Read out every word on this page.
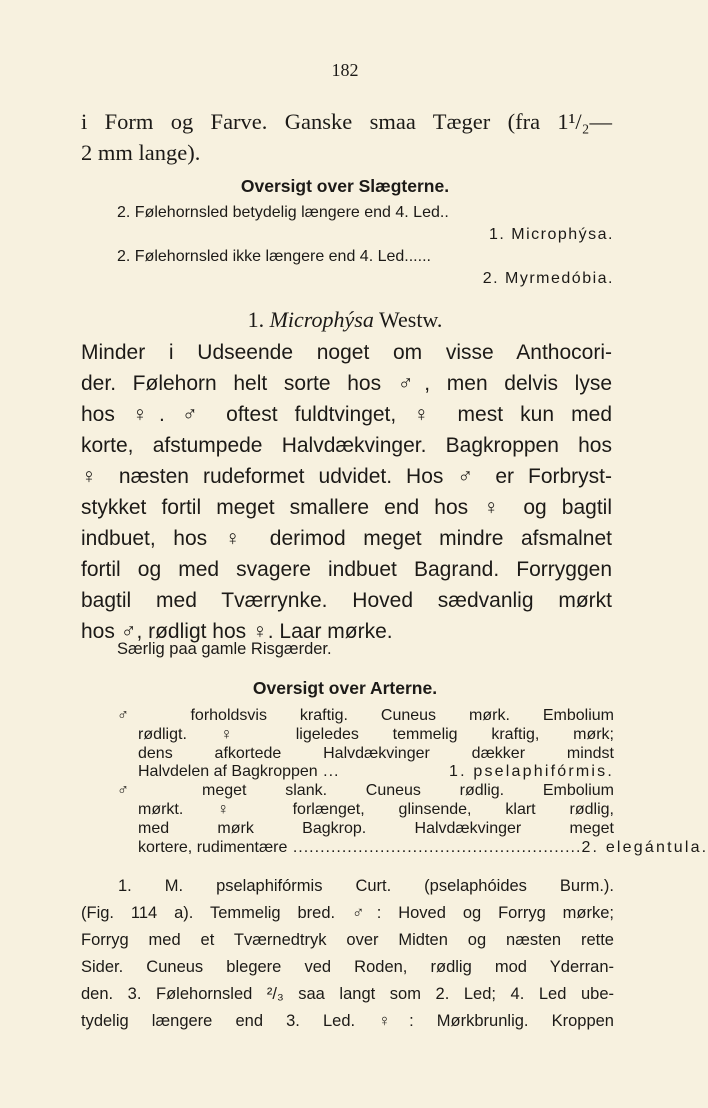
182
i Form og Farve. Ganske smaa Tæger (fra 1¹/₂—
2 mm lange).
Oversigt over Slægterne.
2. Følehornsled betydelig længere end 4. Led..
1. Microphýsa.
2. Følehornsled ikke længere end 4. Led......
2. Myrmedóbia.
1. Microphýsa Westw.
Minder i Udseende noget om visse Anthocori-
der. Følehorn helt sorte hos ♂, men delvis lyse
hos ♀. ♂ oftest fuldtvinget, ♀ mest kun med
korte, afstumpede Halvdækvinger. Bagkroppen hos
♀ næsten rudeformet udvidet. Hos ♂ er Forbryst-
stykket fortil meget smallere end hos ♀ og bagtil
indbuet, hos ♀ derimod meget mindre afsmalnet
fortil og med svagere indbuet Bagrand. Forryggen
bagtil med Tværrynke. Hoved sædvanlig mørkt
hos ♂, rødligt hos ♀. Laar mørke.
Særlig paa gamle Risgærder.
Oversigt over Arterne.
♂ forholdsvis kraftig. Cuneus mørk. Embolium
rødligt. ♀ ligeledes temmelig kraftig, mørk;
dens afkortede Halvdækvinger dækker mindst
Halvdelen af Bagkroppen ...	1. pselaphifórmis.
♂ meget slank. Cuneus rødlig. Embolium
mørkt. ♀ forlænget, glinsende, klart rødlig,
med mørk Bagkrop. Halvdækvinger meget
kortere, rudimentære ..................................................... 2. elegántula.
1. M. pselaphifórmis Curt. (pselaphóides Burm.).
(Fig. 114 a). Temmelig bred. ♂: Hoved og Forryg mørke;
Forryg med et Tværnedtryk over Midten og næsten rette
Sider. Cuneus blegere ved Roden, rødlig mod Yderran-
den. 3. Følehornsled ²/₃ saa langt som 2. Led; 4. Led ube-
tydelig længere end 3. Led. ♀: Mørkbrunlig. Kroppen
